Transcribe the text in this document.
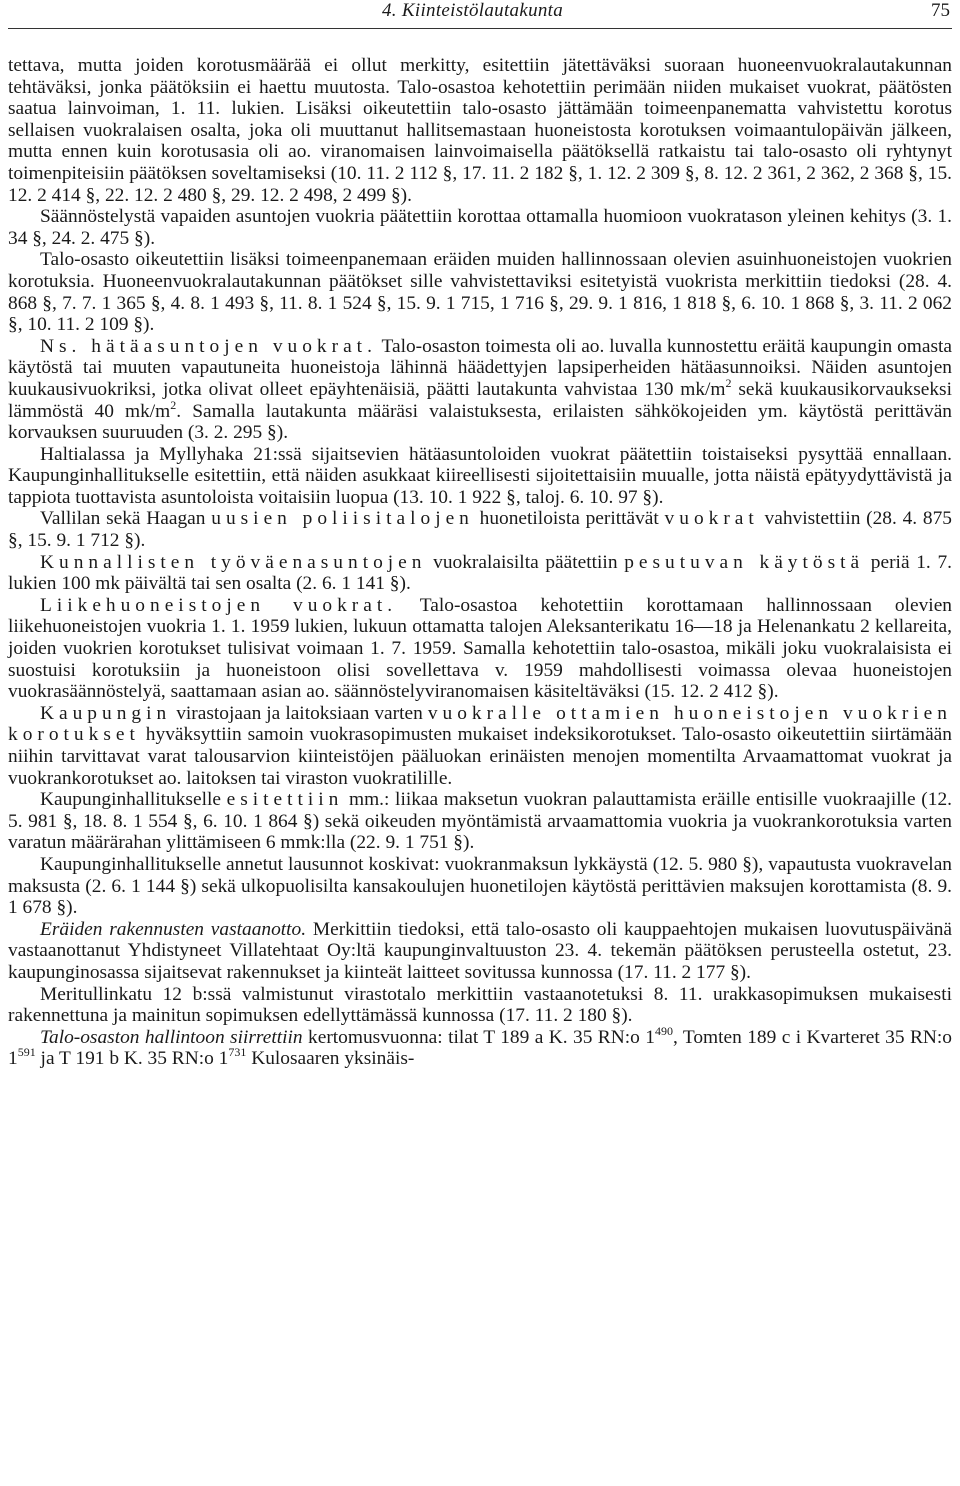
4. Kiinteistölautakunta	75

tettava, mutta joiden korotusmäärää ei ollut merkitty, esitettiin jätettäväksi suoraan huoneenvuokralautakunnan tehtäväksi, jonka päätöksiin ei haettu muutosta. Talo-osastoa kehotettiin perimään niiden mukaiset vuokrat, päätösten saatua lainvoiman, 1. 11. lukien. Lisäksi oikeutettiin talo-osasto jättämään toimeenpanematta vahvistettu korotus sellaisen vuokralaisen osalta, joka oli muuttanut hallitsemastaan huoneistosta korotuksen voimaantulopäivän jälkeen, mutta ennen kuin korotusasia oli ao. viranomaisen lainvoimaisella päätöksellä ratkaistu tai talo-osasto oli ryhtynyt toimenpiteisiin päätöksen soveltamiseksi (10. 11. 2 112 §, 17. 11. 2 182 §, 1. 12. 2 309 §, 8. 12. 2 361, 2 362, 2 368 §, 15. 12. 2 414 §, 22. 12. 2 480 §, 29. 12. 2 498, 2 499 §).

Säännöstelystä vapaiden asuntojen vuokria päätettiin korottaa ottamalla huomioon vuokratason yleinen kehitys (3. 1. 34 §, 24. 2. 475 §).

Talo-osasto oikeutettiin lisäksi toimeenpanemaan eräiden muiden hallinnossaan olevien asuinhuoneistojen vuokrien korotuksia. Huoneenvuokralautakunnan päätökset sille vahvistettaviksi esitetyistä vuokrista merkittiin tiedoksi (28. 4. 868 §, 7. 7. 1 365 §, 4. 8. 1 493 §, 11. 8. 1 524 §, 15. 9. 1 715, 1 716 §, 29. 9. 1 816, 1 818 §, 6. 10. 1 868 §, 3. 11. 2 062 §, 10. 11. 2 109 §).

Ns. hätäasuntojen vuokrat. Talo-osaston toimesta oli ao. luvalla kunnostettu eräitä kaupungin omasta käytöstä tai muuten vapautuneita huoneistoja lähinnä häädettyjen lapsiperheiden hätäasunnoiksi. Näiden asuntojen kuukausivuokriksi, jotka olivat olleet epäyhtenäisiä, päätti lautakunta vahvistaa 130 $mk/m^2$ sekä kuukausikorvaukseksi lämmöstä 40 $mk/m^2$. Samalla lautakunta määräsi valaistuksesta, erilaisten sähkökojeiden ym. käytöstä perittävän korvauksen suuruuden (3. 2. 295 §).

Haltialassa ja Myllyhaka 21:ssä sijaitsevien hätäasuntoloiden vuokrat päätettiin toistaiseksi pysyttää ennallaan. Kaupunginhallitukselle esitettiin, että näiden asukkaat kiireellisesti sijoitettaisiin muualle, jotta näistä epätyydyttävistä ja tappiota tuottavista asuntoloista voitaisiin luopua (13. 10. 1 922 §, taloj. 6. 10. 97 §).

Vallilan sekä Haagan uusien poliisitalojen huonetiloista perittävät vuokrat vahvistettiin (28. 4. 875 §, 15. 9. 1 712 §).

Kunnallisten työväenasuntojen vuokralaisilta päätettiin pesutuvan käytöstä periä 1. 7. lukien 100 mk päivältä tai sen osalta (2. 6. 1 141 §).

Liikehuoneistojen vuokrat. Talo-osastoa kehotettiin korottamaan hallinnossaan olevien liikehuoneistojen vuokria 1. 1. 1959 lukien, lukuun ottamatta talojen Aleksanterikatu 16—18 ja Helenankatu 2 kellareita, joiden vuokrien korotukset tulisivat voimaan 1. 7. 1959. Samalla kehotettiin talo-osastoa, mikäli joku vuokralaisista ei suostuisi korotuksiin ja huoneistoon olisi sovellettava v. 1959 mahdollisesti voimassa olevaa huoneistojen vuokrasäännöstelyä, saattamaan asian ao. säännöstelyviranomaisen käsiteltäväksi (15. 12. 2 412 §).

Kaupungin virastojaan ja laitoksiaan varten vuokralle ottamien huoneistojen vuokrien korotukset hyväksyttiin samoin vuokrasopimusten mukaiset indeksikorotukset. Talo-osasto oikeutettiin siirtämään niihin tarvittavat varat talousarvion kiinteistöjen pääluokan erinäisten menojen momentilta Arvaamattomat vuokrat ja vuokrankorotukset ao. laitoksen tai viraston vuokratilille.

Kaupunginhallitukselle esitettiin mm.: liikaa maksetun vuokran palauttamista eräille entisille vuokraajille (12. 5. 981 §, 18. 8. 1 554 §, 6. 10. 1 864 §) sekä oikeuden myöntämistä arvaamattomia vuokria ja vuokrankorotuksia varten varatun määrärahan ylittämiseen 6 mmk:lla (22. 9. 1 751 §).

Kaupunginhallitukselle annetut lausunnot koskivat: vuokranmaksun lykkäystä (12. 5. 980 §), vapautusta vuokravelan maksusta (2. 6. 1 144 §) sekä ulkopuolisilta kansakoulujen huonetilojen käytöstä perittävien maksujen korottamista (8. 9. 1 678 §).

Eräiden rakennusten vastaanotto. Merkittiin tiedoksi, että talo-osasto oli kauppaehtojen mukaisen luovutuspäivänä vastaanottanut Yhdistyneet Villatehtaat Oy:ltä kaupunginvaltuuston 23. 4. tekemän päätöksen perusteella ostetut, 23. kaupunginosassa sijaitsevat rakennukset ja kiinteät laitteet sovitussa kunnossa (17. 11. 2 177 §).

Meritullinkatu 12 b:ssä valmistunut virastotalo merkittiin vastaanotetuksi 8. 11. urakkasopimuksen mukaisesti rakennettuna ja mainitun sopimuksen edellyttämässä kunnossa (17. 11. 2 180 §).

Talo-osaston hallintoon siirrettiin kertomusvuonna: tilat T 189 a K. 35 RN:o $1^{490}$, Tomten 189 c i Kvarteret 35 RN:o $1^{591}$ ja T 191 b K. 35 RN:o $1^{731}$ Kulosaaren yksinäis-
